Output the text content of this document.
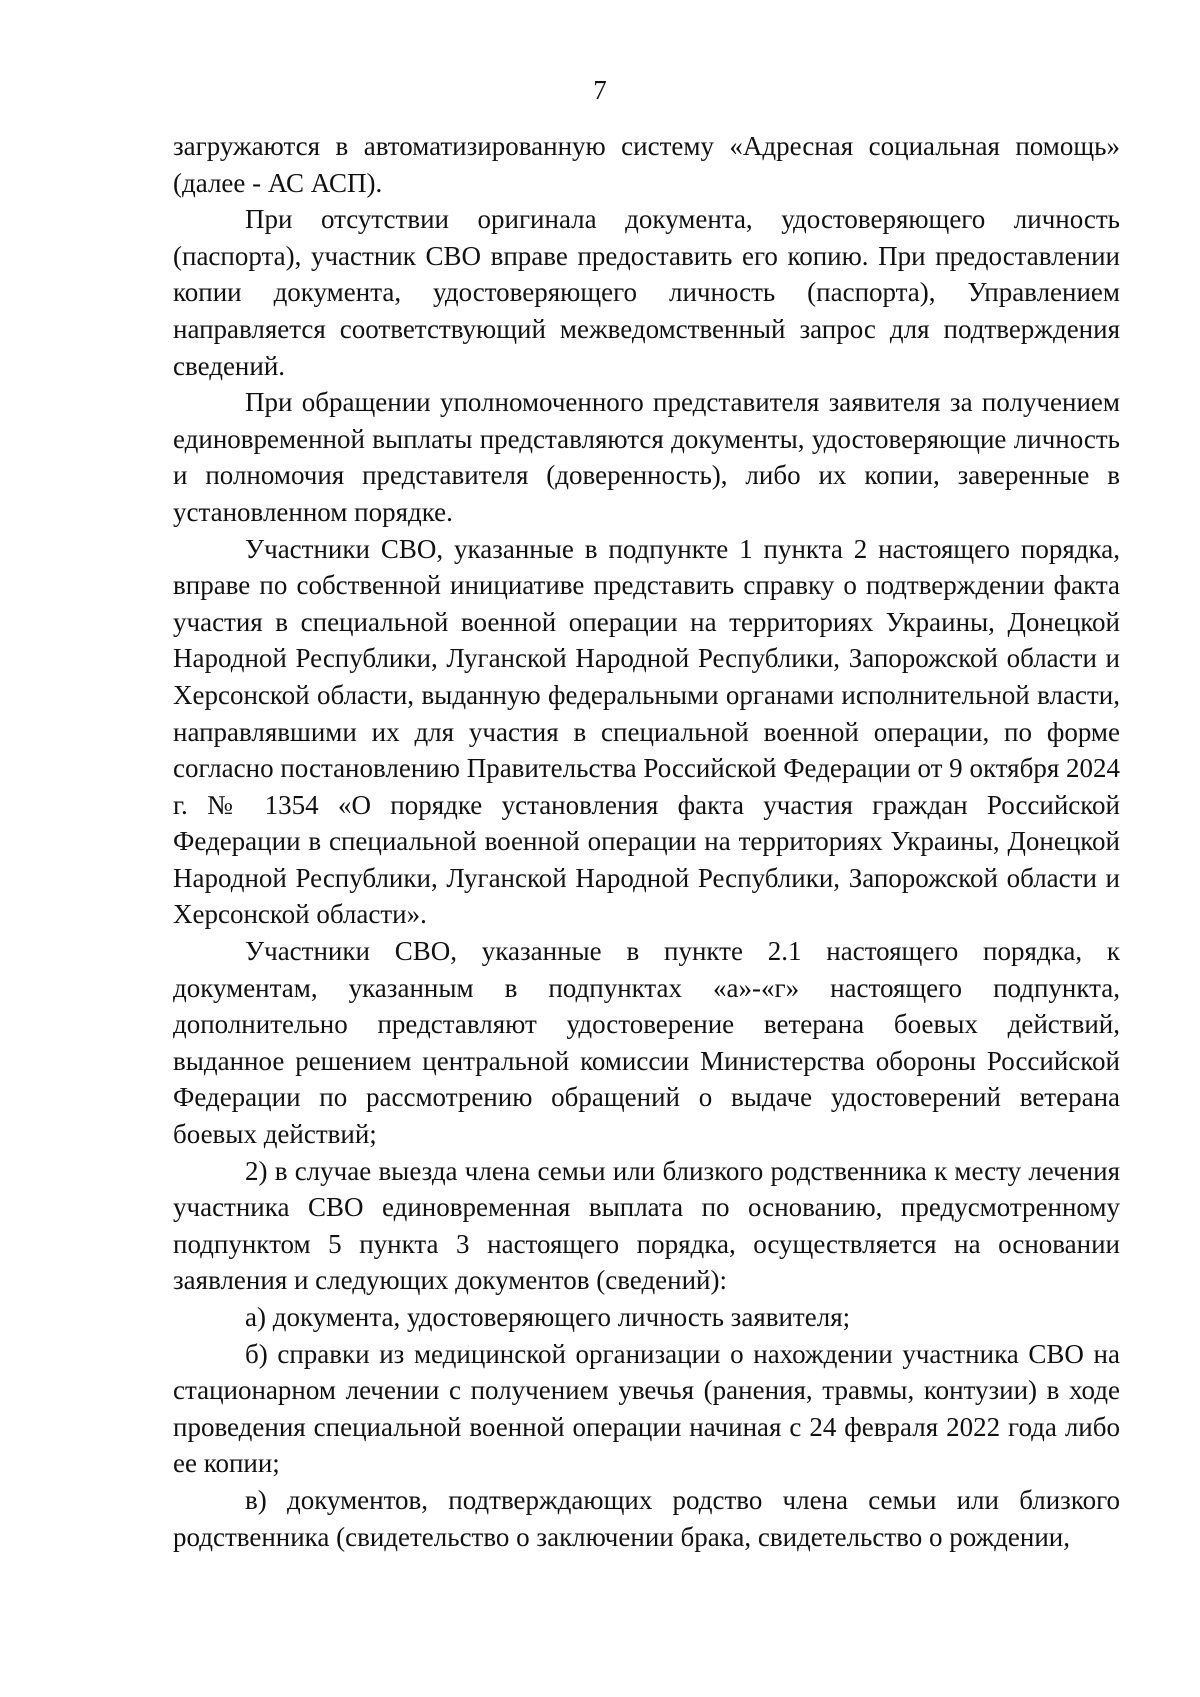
7

загружаются в автоматизированную систему «Адресная социальная помощь» (далее - АС АСП).

При отсутствии оригинала документа, удостоверяющего личность (паспорта), участник СВО вправе предоставить его копию. При предоставлении копии документа, удостоверяющего личность (паспорта), Управлением направляется соответствующий межведомственный запрос для подтверждения сведений.

При обращении уполномоченного представителя заявителя за получением единовременной выплаты представляются документы, удостоверяющие личность и полномочия представителя (доверенность), либо их копии, заверенные в установленном порядке.

Участники СВО, указанные в подпункте 1 пункта 2 настоящего порядка, вправе по собственной инициативе представить справку о подтверждении факта участия в специальной военной операции на территориях Украины, Донецкой Народной Республики, Луганской Народной Республики, Запорожской области и Херсонской области, выданную федеральными органами исполнительной власти, направлявшими их для участия в специальной военной операции, по форме согласно постановлению Правительства Российской Федерации от 9 октября 2024 г. № 1354 «О порядке установления факта участия граждан Российской Федерации в специальной военной операции на территориях Украины, Донецкой Народной Республики, Луганской Народной Республики, Запорожской области и Херсонской области».

Участники СВО, указанные в пункте 2.1 настоящего порядка, к документам, указанным в подпунктах «а»-«г» настоящего подпункта, дополнительно представляют удостоверение ветерана боевых действий, выданное решением центральной комиссии Министерства обороны Российской Федерации по рассмотрению обращений о выдаче удостоверений ветерана боевых действий;

2) в случае выезда члена семьи или близкого родственника к месту лечения участника СВО единовременная выплата по основанию, предусмотренному подпунктом 5 пункта 3 настоящего порядка, осуществляется на основании заявления и следующих документов (сведений):

а) документа, удостоверяющего личность заявителя;

б) справки из медицинской организации о нахождении участника СВО на стационарном лечении с получением увечья (ранения, травмы, контузии) в ходе проведения специальной военной операции начиная с 24 февраля 2022 года либо ее копии;

в) документов, подтверждающих родство члена семьи или близкого родственника (свидетельство о заключении брака, свидетельство о рождении,
